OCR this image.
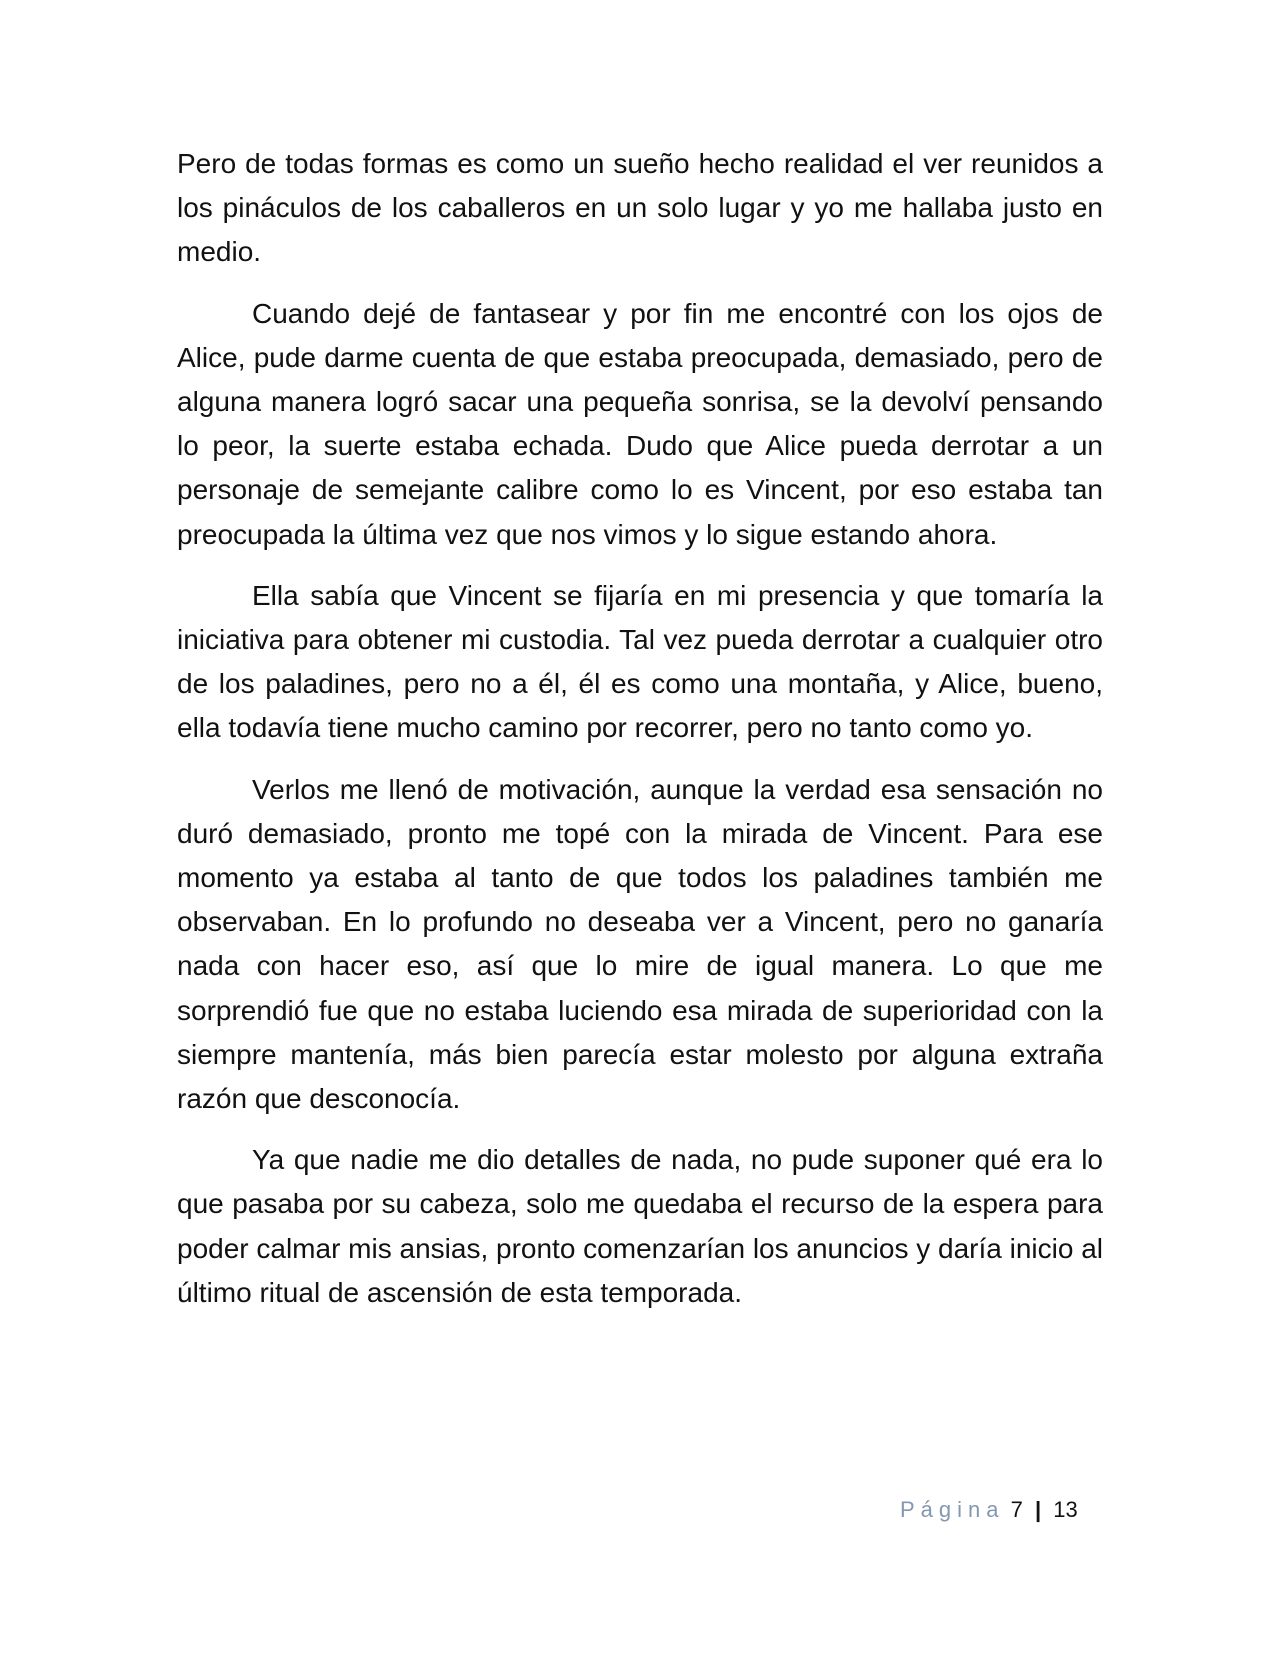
Pero de todas formas es como un sueño hecho realidad el ver reunidos a los pináculos de los caballeros en un solo lugar y yo me hallaba justo en medio.

Cuando dejé de fantasear y por fin me encontré con los ojos de Alice, pude darme cuenta de que estaba preocupada, demasiado, pero de alguna manera logró sacar una pequeña sonrisa, se la devolví pensando lo peor, la suerte estaba echada. Dudo que Alice pueda derrotar a un personaje de semejante calibre como lo es Vincent, por eso estaba tan preocupada la última vez que nos vimos y lo sigue estando ahora.

Ella sabía que Vincent se fijaría en mi presencia y que tomaría la iniciativa para obtener mi custodia. Tal vez pueda derrotar a cualquier otro de los paladines, pero no a él, él es como una montaña, y Alice, bueno, ella todavía tiene mucho camino por recorrer, pero no tanto como yo.

Verlos me llenó de motivación, aunque la verdad esa sensación no duró demasiado, pronto me topé con la mirada de Vincent. Para ese momento ya estaba al tanto de que todos los paladines también me observaban. En lo profundo no deseaba ver a Vincent, pero no ganaría nada con hacer eso, así que lo mire de igual manera. Lo que me sorprendió fue que no estaba luciendo esa mirada de superioridad con la siempre mantenía, más bien parecía estar molesto por alguna extraña razón que desconocía.

Ya que nadie me dio detalles de nada, no pude suponer qué era lo que pasaba por su cabeza, solo me quedaba el recurso de la espera para poder calmar mis ansias, pronto comenzarían los anuncios y daría inicio al último ritual de ascensión de esta temporada.

Página 7 | 13
